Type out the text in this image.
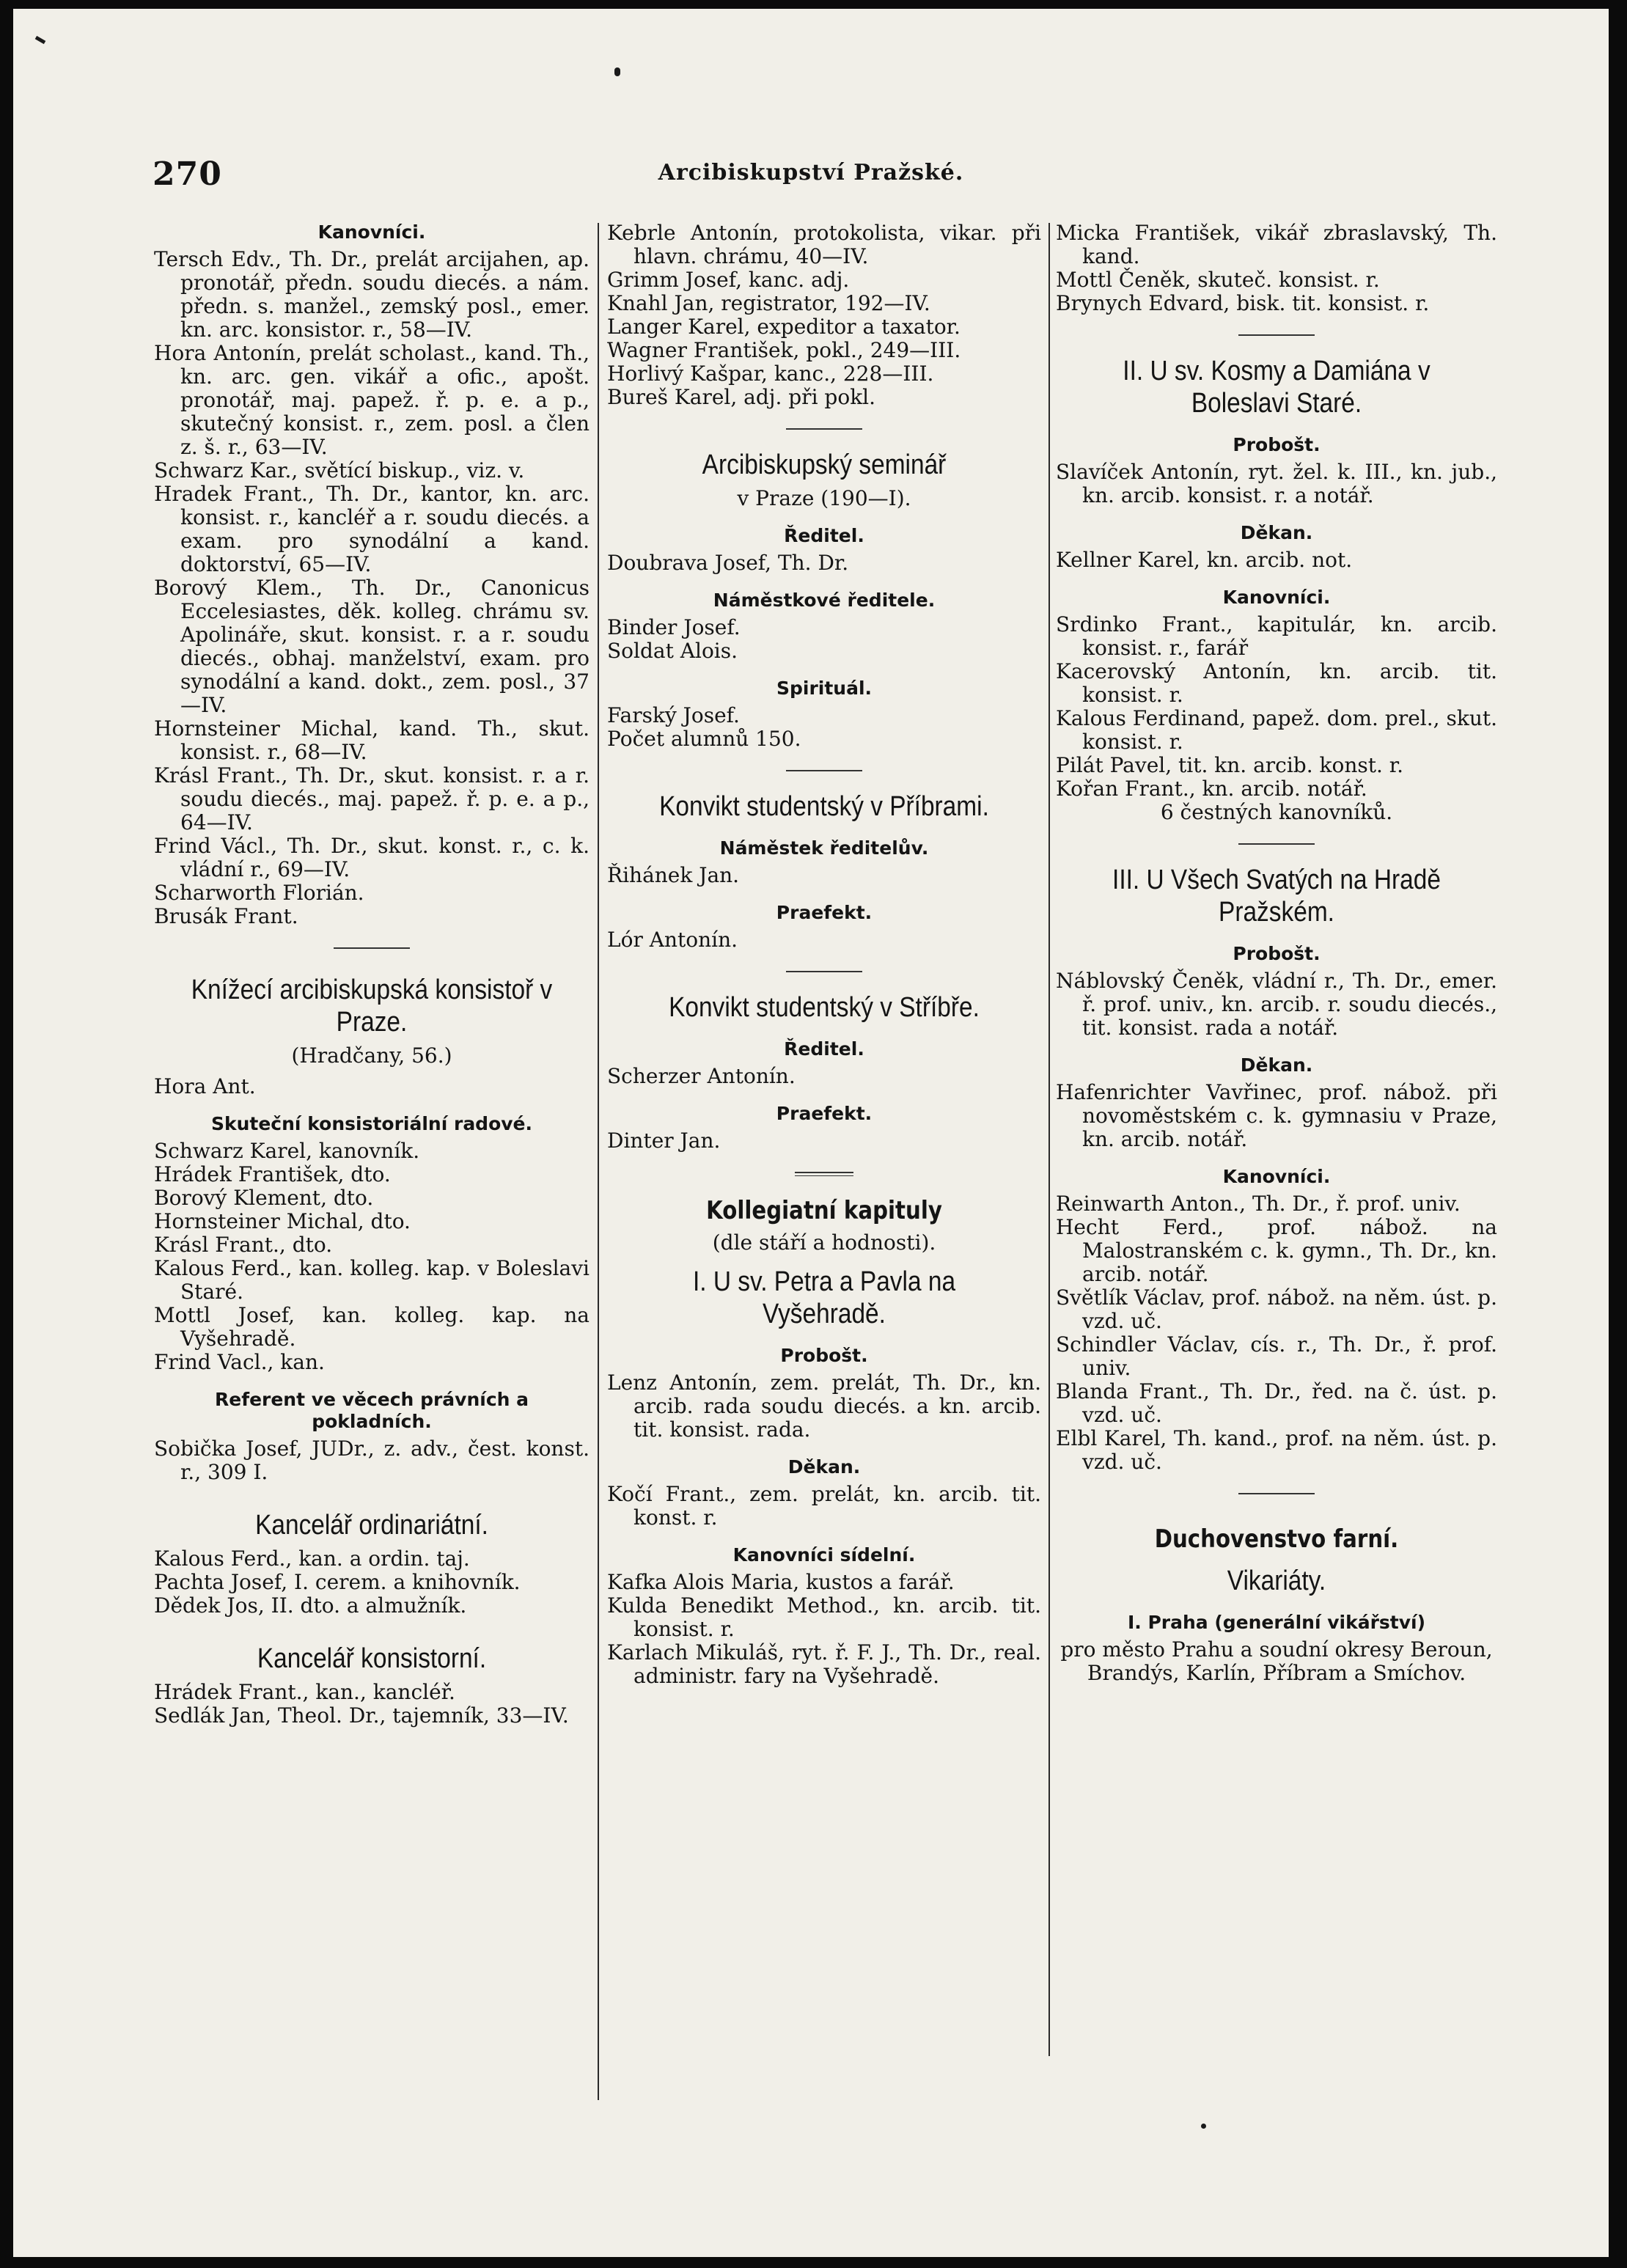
270	Arcibiskupství Pražské.
Kanovníci.

Tersch Edv., Th. Dr., prelát arcijahen, ap. pronotář, předn. soudu diecés. a nám. předn. s. manžel., zemský posl., emer. kn. arc. konsistor. r., 58—IV.

Hora Antonín, prelát scholast., kand. Th., kn. arc. gen. vikář a ofic., apošt. pronotář, maj. papež. ř. p. e. a p., skutečný konsist. r., zem. posl. a člen z. š. r., 63—IV.

Schwarz Kar., světící biskup., viz. v.

Hradek Frant., Th. Dr., kantor, kn. arc. konsist. r., kancléř a r. soudu diecés. a exam. pro synodální a kand. doktorství, 65—IV.

Borový Klem., Th. Dr., Canonicus Eccelesiastes, děk. kolleg. chrámu sv. Apolináře, skut. konsist. r. a r. soudu diecés., obhaj. manželství, exam. pro synodální a kand. dokt., zem. posl., 37—IV.

Hornsteiner Michal, kand. Th., skut. konsist. r., 68—IV.

Krásl Frant., Th. Dr., skut. konsist. r. a r. soudu diecés., maj. papež. ř. p. e. a p., 64—IV.

Frind Václ., Th. Dr., skut. konst. r., c. k. vládní r., 69—IV.

Scharworth Florián.

Brusák Frant.

Knížecí arcibiskupská konsistoř v Praze.
(Hradčany, 56.)

Hora Ant.

Skuteční konsistoriální radové.

Schwarz Karel, kanovník.

Hrádek František, dto.

Borový Klement, dto.

Hornsteiner Michal, dto.

Krásl Frant., dto.

Kalous Ferd., kan. kolleg. kap. v Boleslavi Staré.

Mottl Josef, kan. kolleg. kap. na Vyšehradě.

Frind Vacl., kan.

Referent ve věcech právních a pokladních.

Sobička Josef, JUDr., z. adv., čest. konst. r., 309 I.

Kancelář ordinariátní.

Kalous Ferd., kan. a ordin. taj.

Pachta Josef, I. cerem. a knihovník.

Dědek Jos, II. dto. a almužník.

Kancelář konsistorní.

Hrádek Frant., kan., kancléř.

Sedlák Jan, Theol. Dr., tajemník, 33—IV.

Kebrle Antonín, protokolista, vikar. při hlavn. chrámu, 40—IV.

Grimm Josef, kanc. adj.

Knahl Jan, registrator, 192—IV.

Langer Karel, expeditor a taxator.

Wagner František, pokl., 249—III.

Horlivý Kašpar, kanc., 228—III.

Bureš Karel, adj. při pokl.

Arcibiskupský seminář
v Praze (190—I).
Ředitel.

Doubrava Josef, Th. Dr.

Náměstkové ředitele.

Binder Josef.

Soldat Alois.

Spirituál.

Farský Josef.

Počet alumnů 150.

Konvikt studentský v Příbrami.
Náměstek ředitelův.

Řihánek Jan.

Praefekt.

Lór Antonín.

Konvikt studentský v Stříbře.
Ředitel.

Scherzer Antonín.

Praefekt.

Dinter Jan.

Kollegiatní kapituly
(dle stáří a hodnosti).
I. U sv. Petra a Pavla na Vyšehradě.
Probošt.

Lenz Antonín, zem. prelát, Th. Dr., kn. arcib. rada soudu diecés. a kn. arcib. tit. konsist. rada.

Děkan.

Kočí Frant., zem. prelát, kn. arcib. tit. konst. r.

Kanovníci sídelní.

Kafka Alois Maria, kustos a farář.

Kulda Benedikt Method., kn. arcib. tit. konsist. r.

Karlach Mikuláš, ryt. ř. F. J., Th. Dr., real. administr. fary na Vyšehradě.

Micka František, vikář zbraslavský, Th. kand.

Mottl Čeněk, skuteč. konsist. r.

Brynych Edvard, bisk. tit. konsist. r.

II. U sv. Kosmy a Damiána v Boleslavi Staré.
Probošt.

Slavíček Antonín, ryt. žel. k. III., kn. jub., kn. arcib. konsist. r. a notář.

Děkan.

Kellner Karel, kn. arcib. not.

Kanovníci.

Srdinko Frant., kapitulár, kn. arcib. konsist. r., farář

Kacerovský Antonín, kn. arcib. tit. konsist. r.

Kalous Ferdinand, papež. dom. prel., skut. konsist. r.

Pilát Pavel, tit. kn. arcib. konst. r.

Kořan Frant., kn. arcib. notář.

6 čestných kanovníků.
III. U Všech Svatých na Hradě Pražském.
Probošt.

Náblovský Čeněk, vládní r., Th. Dr., emer. ř. prof. univ., kn. arcib. r. soudu diecés., tit. konsist. rada a notář.

Děkan.

Hafenrichter Vavřinec, prof. nábož. při novoměstském c. k. gymnasiu v Praze, kn. arcib. notář.

Kanovníci.

Reinwarth Anton., Th. Dr., ř. prof. univ.

Hecht Ferd., prof. nábož. na Malostranském c. k. gymn., Th. Dr., kn. arcib. notář.

Světlík Václav, prof. nábož. na něm. úst. p. vzd. uč.

Schindler Václav, cís. r., Th. Dr., ř. prof. univ.

Blanda Frant., Th. Dr., řed. na č. úst. p. vzd. uč.

Elbl Karel, Th. kand., prof. na něm. úst. p. vzd. uč.

Duchovenstvo farní.
Vikariáty.
I. Praha (generální vikářství)

pro město Prahu a soudní okresy Beroun, Brandýs, Karlín, Příbram a Smíchov.
